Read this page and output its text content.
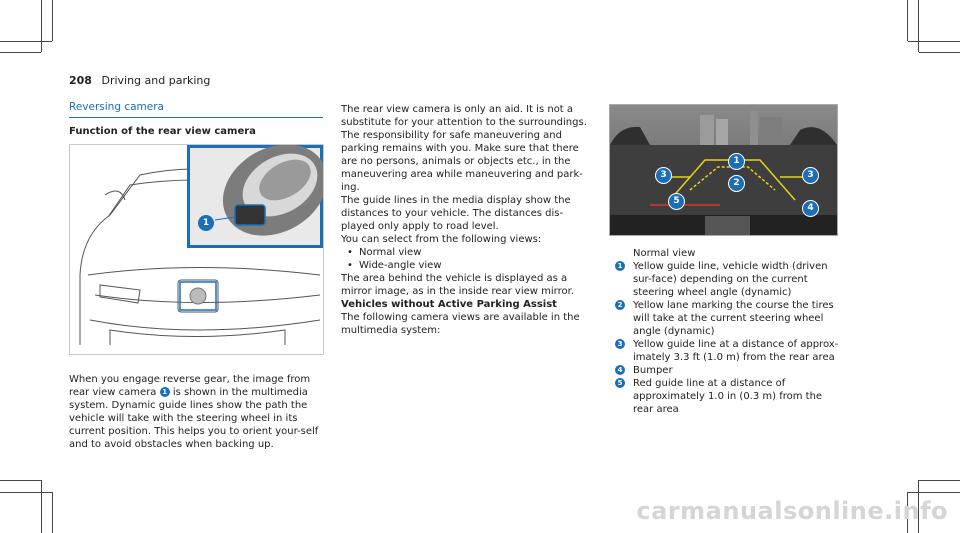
208 Driving and parking
Reversing camera
Function of the rear view camera
1
When you engage reverse gear, the image from rear view camera 1 is shown in the multimedia system. Dynamic guide lines show the path the vehicle will take with the steering wheel in its current position. This helps you to orient your-self and to avoid obstacles when backing up.
The rear view camera is only an aid. It is not a substitute for your attention to the surroundings. The responsibility for safe maneuvering and parking remains with you. Make sure that there are no persons, animals or objects etc., in the maneuvering area while maneuvering and park-ing.
The guide lines in the media display show the distances to your vehicle. The distances dis-played only apply to road level.
You can select from the following views:
• Normal view
• Wide-angle view
The area behind the vehicle is displayed as a mirror image, as in the inside rear view mirror.
Vehicles without Active Parking Assist
The following camera views are available in the multimedia system:
1
2
3	3
4
5
Normal view
1 Yellow guide line, vehicle width (driven sur-face) depending on the current steering wheel angle (dynamic)
2 Yellow lane marking the course the tires will take at the current steering wheel angle (dynamic)
3 Yellow guide line at a distance of approx-imately 3.3 ft (1.0 m) from the rear area
4 Bumper
5 Red guide line at a distance of approximately 1.0 in (0.3 m) from the rear area
carmanualsonline.info
